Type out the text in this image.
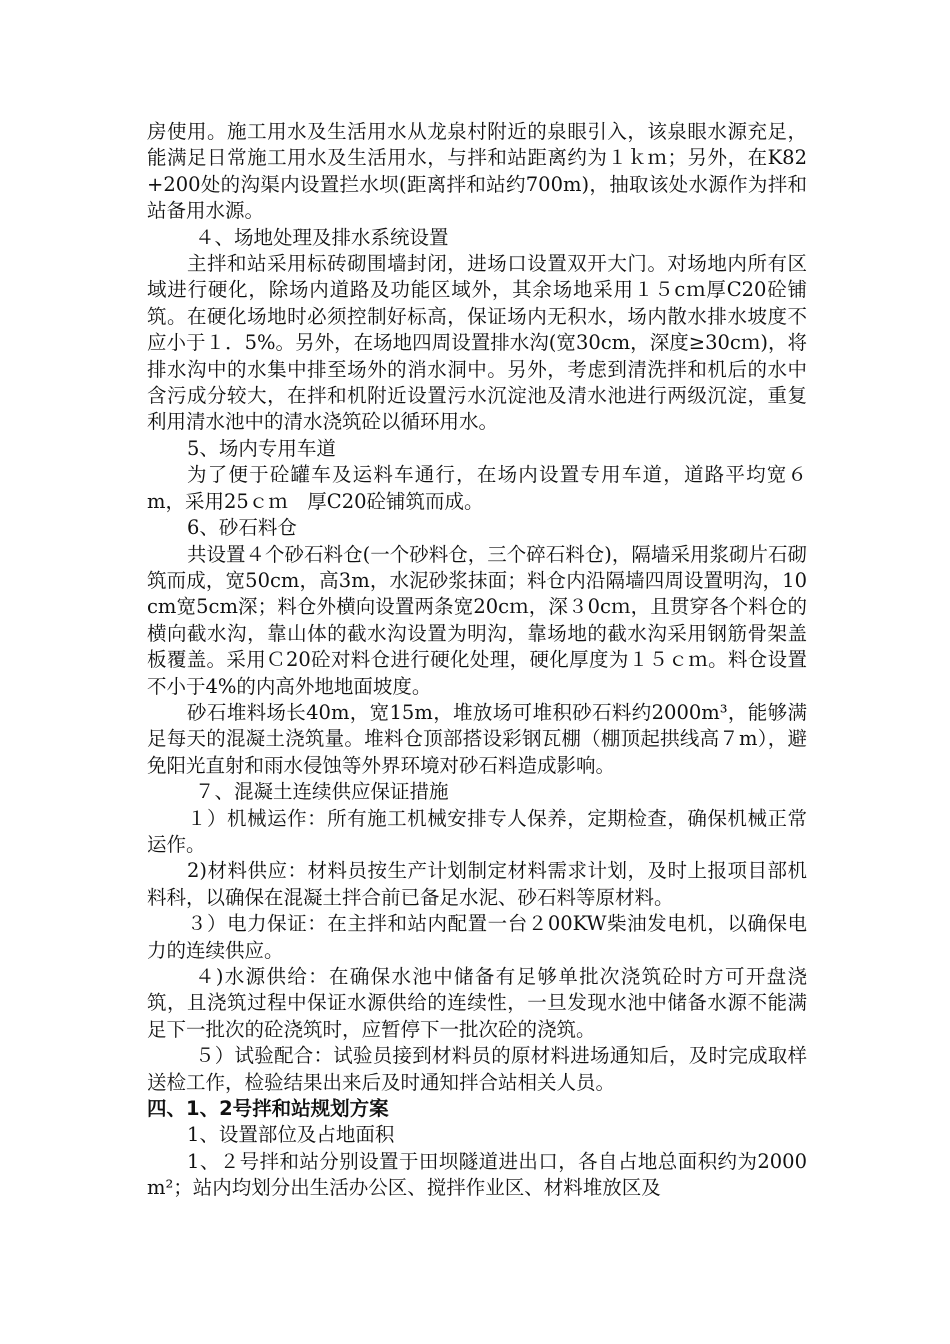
房使用。施工用水及生活用水从龙泉村附近的泉眼引入，该泉眼水源充足，能满足日常施工用水及生活用水，与拌和站距离约为１ｋｍ；另外，在K82+200处的沟渠内设置拦水坝(距离拌和站约700m)，抽取该处水源作为拌和站备用水源。

４、场地处理及排水系统设置

主拌和站采用标砖砌围墙封闭，进场口设置双开大门。对场地内所有区域进行硬化，除场内道路及功能区域外，其余场地采用１５cｍ厚C20砼铺筑。在硬化场地时必须控制好标高，保证场内无积水，场内散水排水坡度不应小于１．5%。另外，在场地四周设置排水沟(宽30cm，深度≥30cｍ)，将排水沟中的水集中排至场外的消水洞中。另外，考虑到清洗拌和机后的水中含污成分较大，在拌和机附近设置污水沉淀池及清水池进行两级沉淀，重复利用清水池中的清水浇筑砼以循环用水。

5、场内专用车道

为了便于砼罐车及运料车通行，在场内设置专用车道，道路平均宽６m，采用25ｃｍ　厚C20砼铺筑而成。

6、砂石料仓

共设置４个砂石料仓(一个砂料仓，三个碎石料仓)，隔墙采用浆砌片石砌筑而成，宽50cm，高3m，水泥砂浆抹面；料仓内沿隔墙四周设置明沟，10cm宽5cm深；料仓外横向设置两条宽20cｍ，深３0cｍ，且贯穿各个料仓的横向截水沟，靠山体的截水沟设置为明沟，靠场地的截水沟采用钢筋骨架盖板覆盖。采用Ｃ20砼对料仓进行硬化处理，硬化厚度为１５ｃｍ。料仓设置不小于4%的内高外地地面坡度。

砂石堆料场长40m，宽15m，堆放场可堆积砂石料约2000m³，能够满足每天的混凝土浇筑量。堆料仓顶部搭设彩钢瓦棚（棚顶起拱线高７m），避免阳光直射和雨水侵蚀等外界环境对砂石料造成影响。

７、混凝土连续供应保证措施

１）机械运作：所有施工机械安排专人保养，定期检查，确保机械正常运作。

2)材料供应：材料员按生产计划制定材料需求计划，及时上报项目部机料科，以确保在混凝土拌合前已备足水泥、砂石料等原材料。

３）电力保证：在主拌和站内配置一台２00KW柴油发电机，以确保电力的连续供应。

４)水源供给：在确保水池中储备有足够单批次浇筑砼时方可开盘浇筑，且浇筑过程中保证水源供给的连续性，一旦发现水池中储备水源不能满足下一批次的砼浇筑时，应暂停下一批次砼的浇筑。

５）试验配合：试验员接到材料员的原材料进场通知后，及时完成取样送检工作，检验结果出来后及时通知拌合站相关人员。

四、1、2号拌和站规划方案

1、设置部位及占地面积

1、２号拌和站分别设置于田坝隧道进出口，各自占地总面积约为2000m²；站内均划分出生活办公区、搅拌作业区、材料堆放区及
